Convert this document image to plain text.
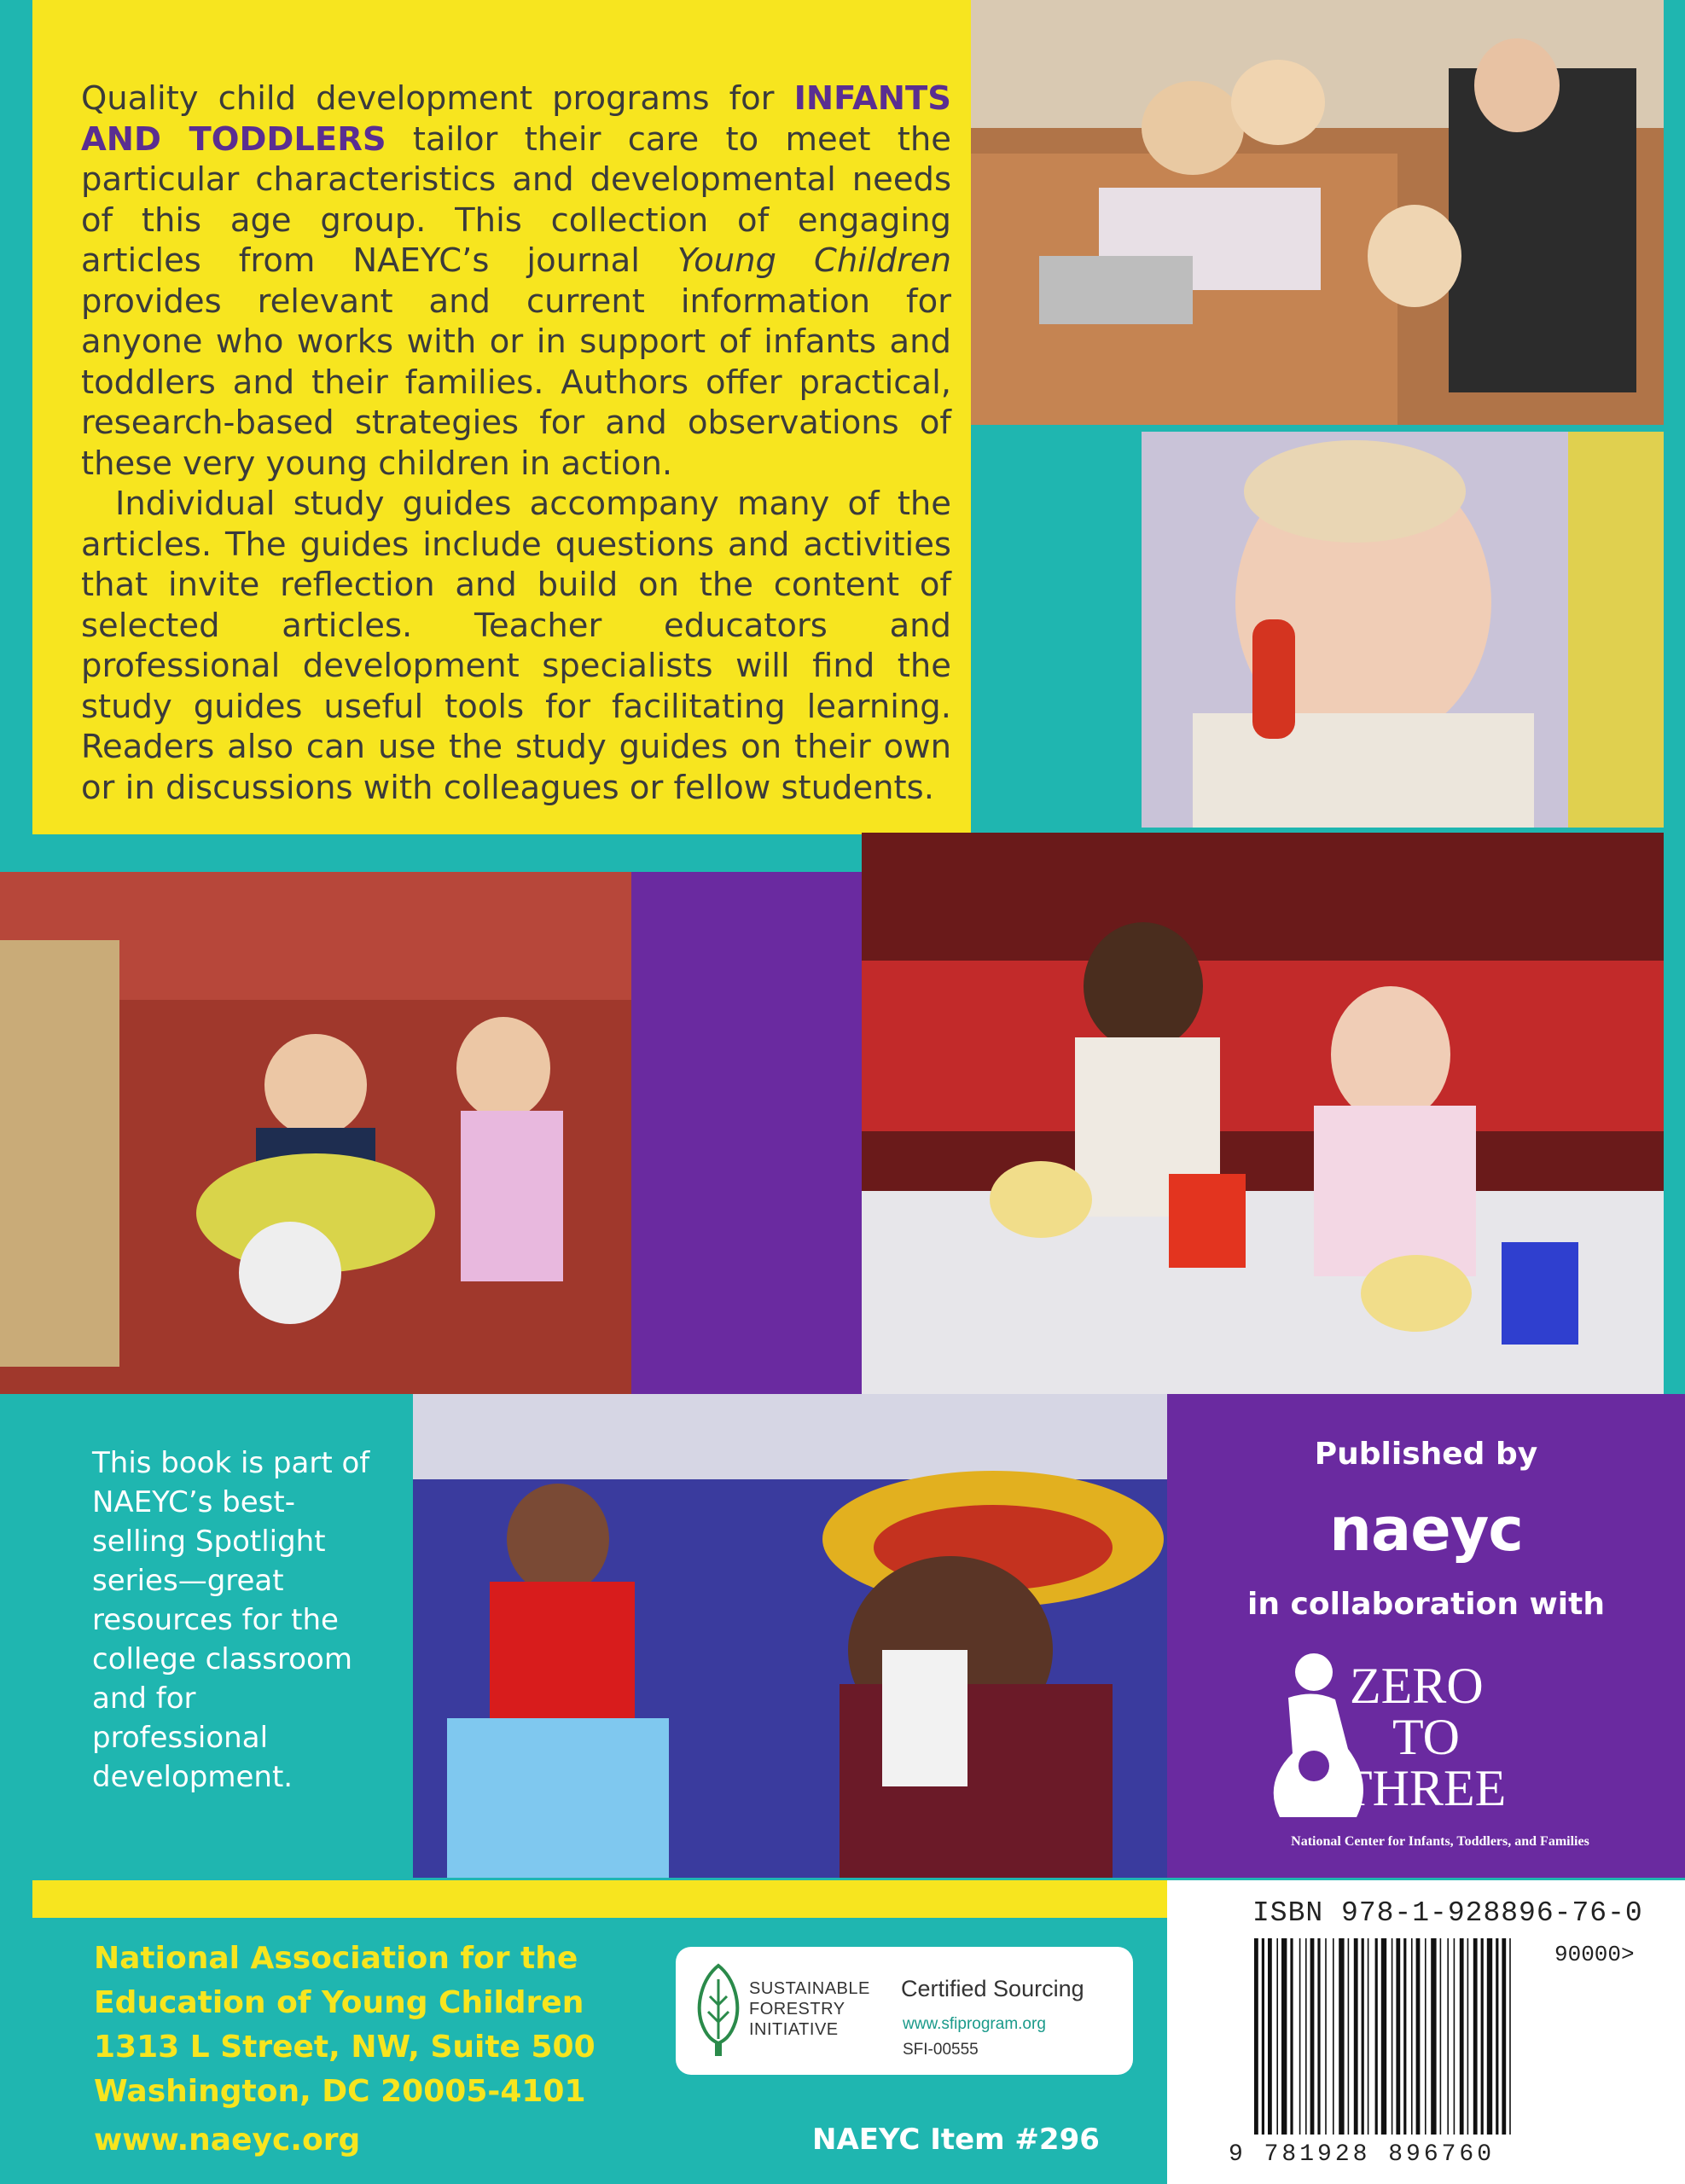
Quality child development programs for INFANTS AND TODDLERS tailor their care to meet the particular characteristics and developmental needs of this age group. This collection of engaging articles from NAEYC’s journal Young Children provides relevant and current information for anyone who works with or in support of infants and toddlers and their families. Authors offer practical, research-based strategies for and observations of these very young children in action.

Individual study guides accompany many of the articles. The guides include questions and activities that invite reflection and build on the content of selected articles. Teacher educators and professional development specialists will find the study guides useful tools for facilitating learning. Readers also can use the study guides on their own or in discussions with colleagues or fellow students.

This book is part of NAEYC’s best-selling Spotlight series—great resources for the college classroom and for professional development.
Published by
naeyc
in collaboration with
ZERO
TO
THREE
National Center for Infants, Toddlers, and Families
National Association for the
Education of Young Children
1313 L Street, NW, Suite 500
Washington, DC 20005-4101
www.naeyc.org
SUSTAINABLE
FORESTRY
INITIATIVE
Certified Sourcing
www.sfiprogram.org
SFI-00555
NAEYC Item #296
ISBN 978-1-928896-76-0
90000>
9 781928 896760
